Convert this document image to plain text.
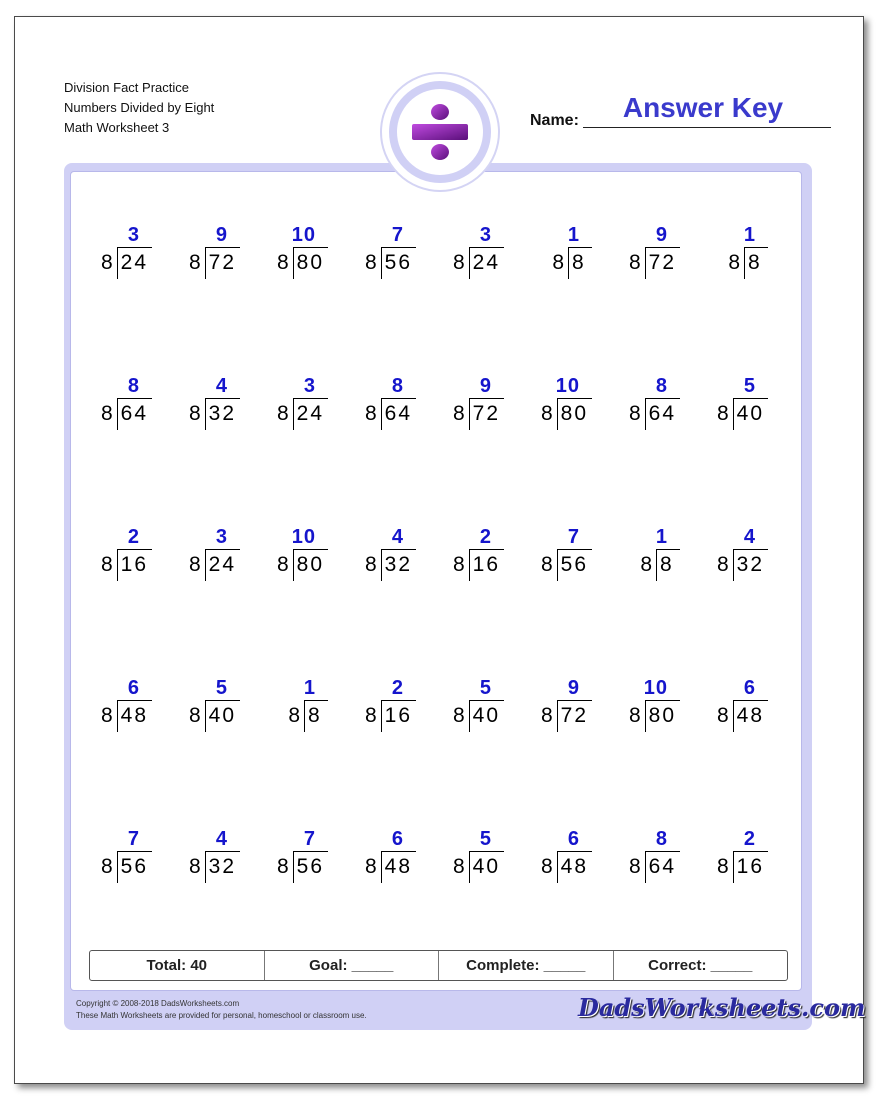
Division Fact Practice
Numbers Divided by Eight
Math Worksheet 3	Name:	Answer Key
3
8 24
9
8 72
10
8 80
7
8 56
3
8 24
1
8 8
9
8 72
1
8 8
8
8 64
4
8 32
3
8 24
8
8 64
9
8 72
10
8 80
8
8 64
5
8 40
2
8 16
3
8 24
10
8 80
4
8 32
2
8 16
7
8 56
1
8 8
4
8 32
6
8 48
5
8 40
1
8 8
2
8 16
5
8 40
9
8 72
10
8 80
6
8 48
7
8 56
4
8 32
7
8 56
6
8 48
5
8 40
6
8 48
8
8 64
2
8 16
Total: 40	Goal: _____	Complete: _____	Correct: _____
Copyright © 2008-2018 DadsWorksheets.com
These Math Worksheets are provided for personal, homeschool or classroom use.	DadsWorksheets.com
